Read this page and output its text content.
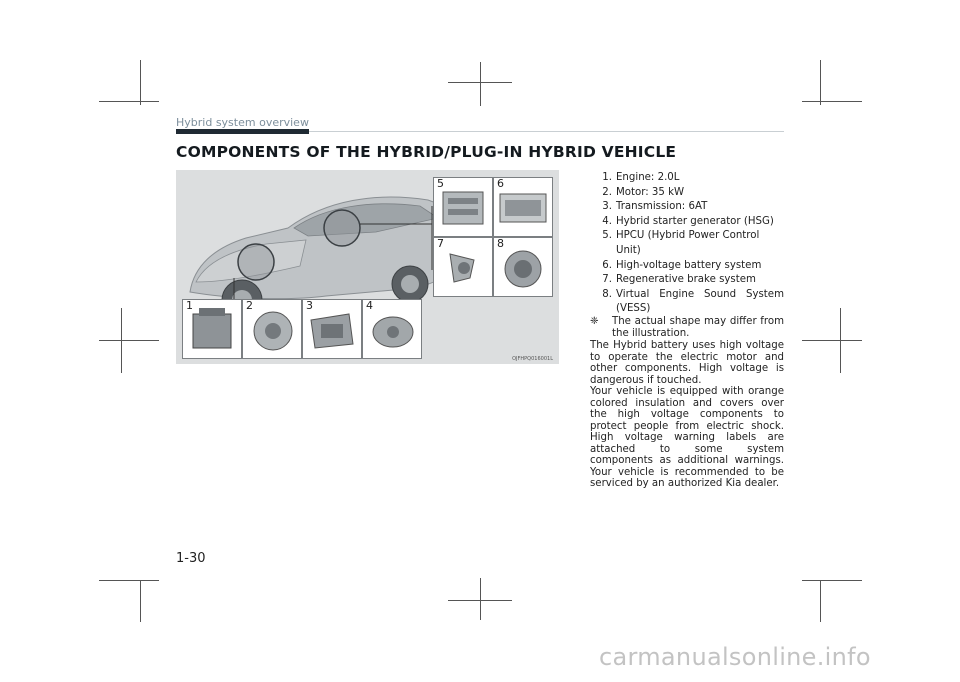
Hybrid system overview
COMPONENTS OF THE HYBRID/PLUG-IN HYBRID VEHICLE
5	6
7	8
1	2	3	4
OJFHPQ016001L
1. Engine: 2.0L
2. Motor: 35 kW
3. Transmission: 6AT
4. Hybrid starter generator (HSG)
5. HPCU (Hybrid Power Control Unit)
6. High-voltage battery system
7. Regenerative brake system
8. Virtual Engine Sound System
(VESS)
❈	The actual shape may differ from the illustration.

The Hybrid battery uses high voltage to operate the electric motor and other components. High voltage is dangerous if touched.

Your vehicle is equipped with orange colored insulation and covers over the high voltage components to protect people from electric shock. High voltage warning labels are attached to some system components as additional warnings. Your vehicle is recommended to be serviced by an authorized Kia dealer.

1-30
carmanualsonline.info
